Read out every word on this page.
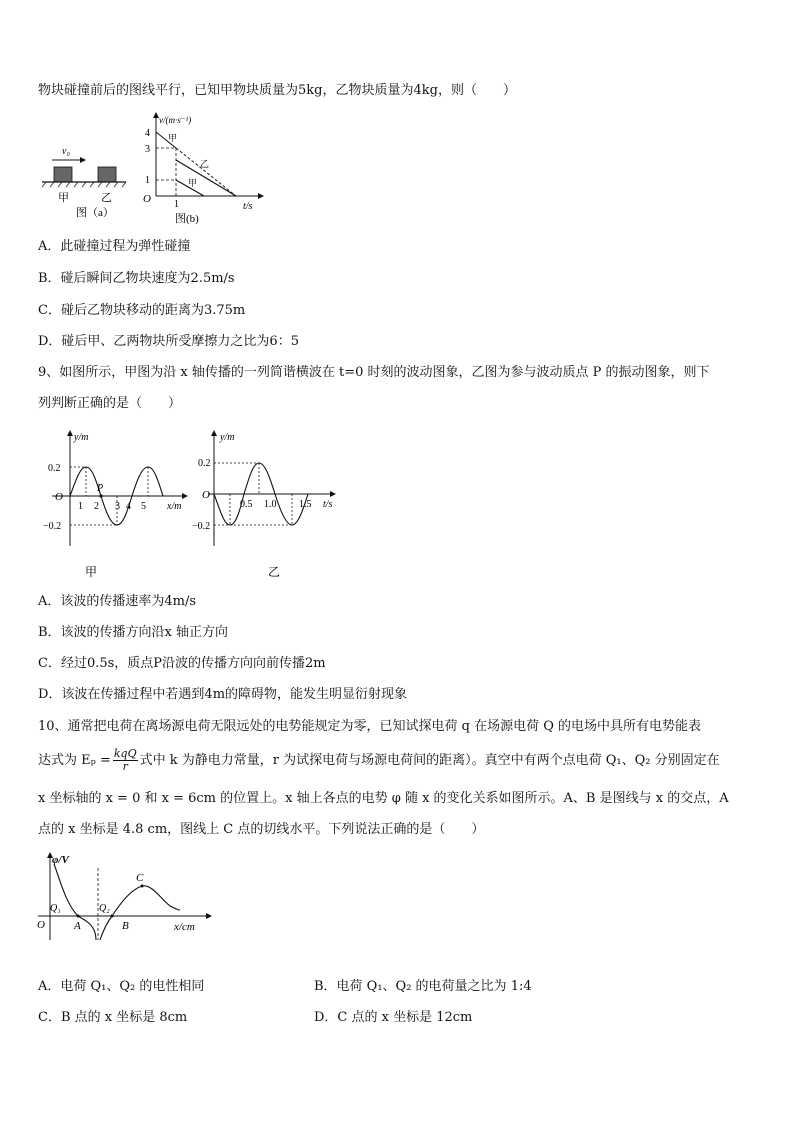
物块碰撞前后的图线平行，已知甲物块质量为5kg，乙物块质量为4kg，则（　　）
v₀
甲	乙
图（a）
v/(m·s⁻¹)
t/s
O
4
3
1
1
甲
乙
甲
图(b)
A．此碰撞过程为弹性碰撞
B．碰后瞬间乙物块速度为2.5m/s
C．碰后乙物块移动的距离为3.75m
D．碰后甲、乙两物块所受摩擦力之比为6：5
9、如图所示，甲图为沿 x 轴传播的一列简谐横波在 t=0 时刻的波动图象，乙图为参与波动质点 P 的振动图象，则下
列判断正确的是（　　）
y/m
x/m
O
0.2
−0.2
1 2 3 4 5
P
甲
y/m
t/s
O
0.2
−0.2
0.5 1.0 1.5
乙
A．该波的传播速率为4m/s
B．该波的传播方向沿x 轴正方向
C．经过0.5s，质点P沿波的传播方向向前传播2m
D．该波在传播过程中若遇到4m的障碍物，能发生明显衍射现象
10、通常把电荷在离场源电荷无限远处的电势能规定为零，已知试探电荷 q 在场源电荷 Q 的电场中具所有电势能表
达式为 $E_p = \frac{\text{kqQ}}{r}$ 式中 k 为静电力常量，r 为试探电荷与场源电荷间的距离）。真空中有两个点电荷 Q₁、Q₂ 分别固定在
x 坐标轴的 x = 0 和 x = 6cm 的位置上。x 轴上各点的电势 φ 随 x 的变化关系如图所示。A、B 是图线与 x 的交点，A
点的 x 坐标是 4.8 cm，图线上 C 点的切线水平。下列说法正确的是（　　）
φ/V
x/cm
O
Q₁	Q₂
A	B
C
A．电荷 Q₁、Q₂ 的电性相同	B．电荷 Q₁、Q₂ 的电荷量之比为 1:4
C．B 点的 x 坐标是 8cm	D．C 点的 x 坐标是 12cm
